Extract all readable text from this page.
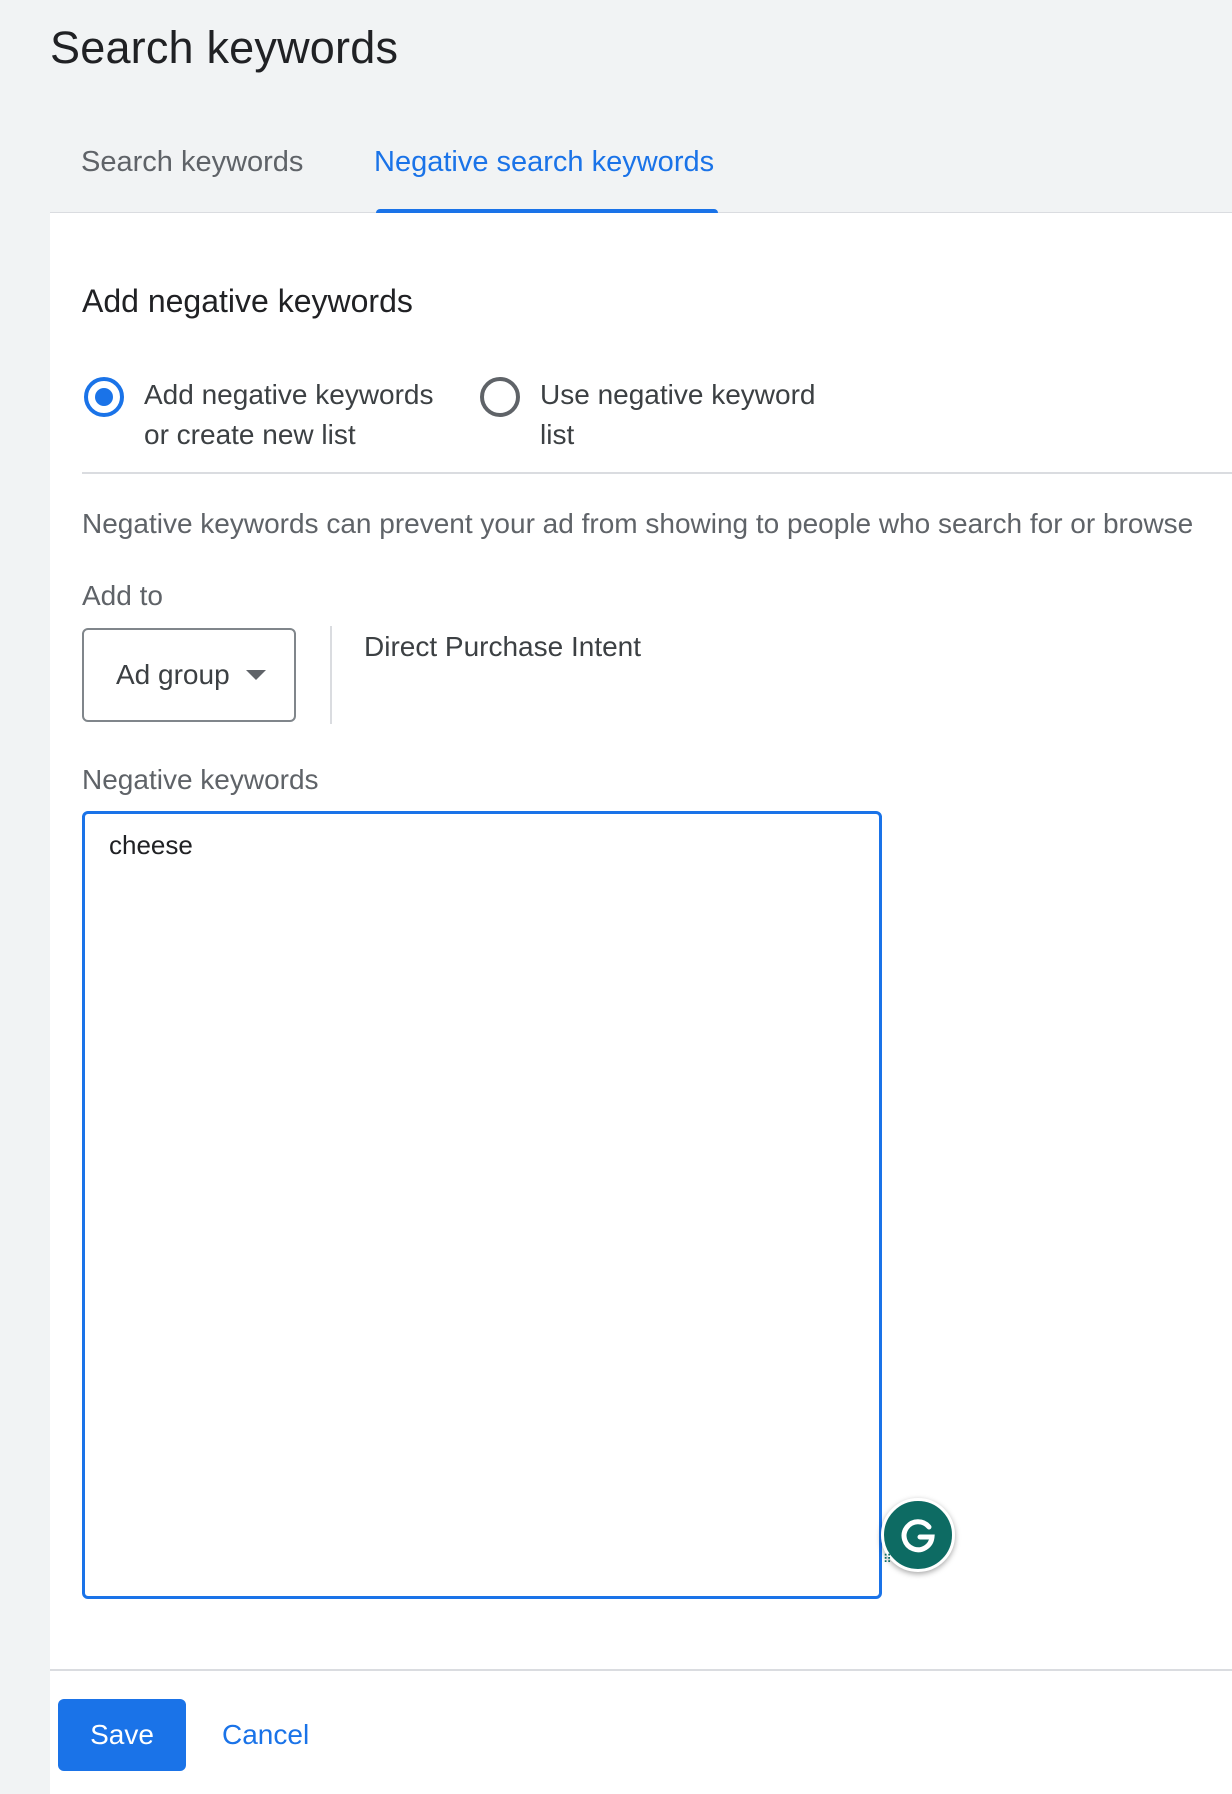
Search keywords
Search keywords Negative search keywords
Add negative keywords
Add negative keywords or create new list
Use negative keyword list
Negative keywords can prevent your ad from showing to people who search for or browse
Add to
Ad group
Direct Purchase Intent
Negative keywords
cheese
⠿
Save	Cancel
